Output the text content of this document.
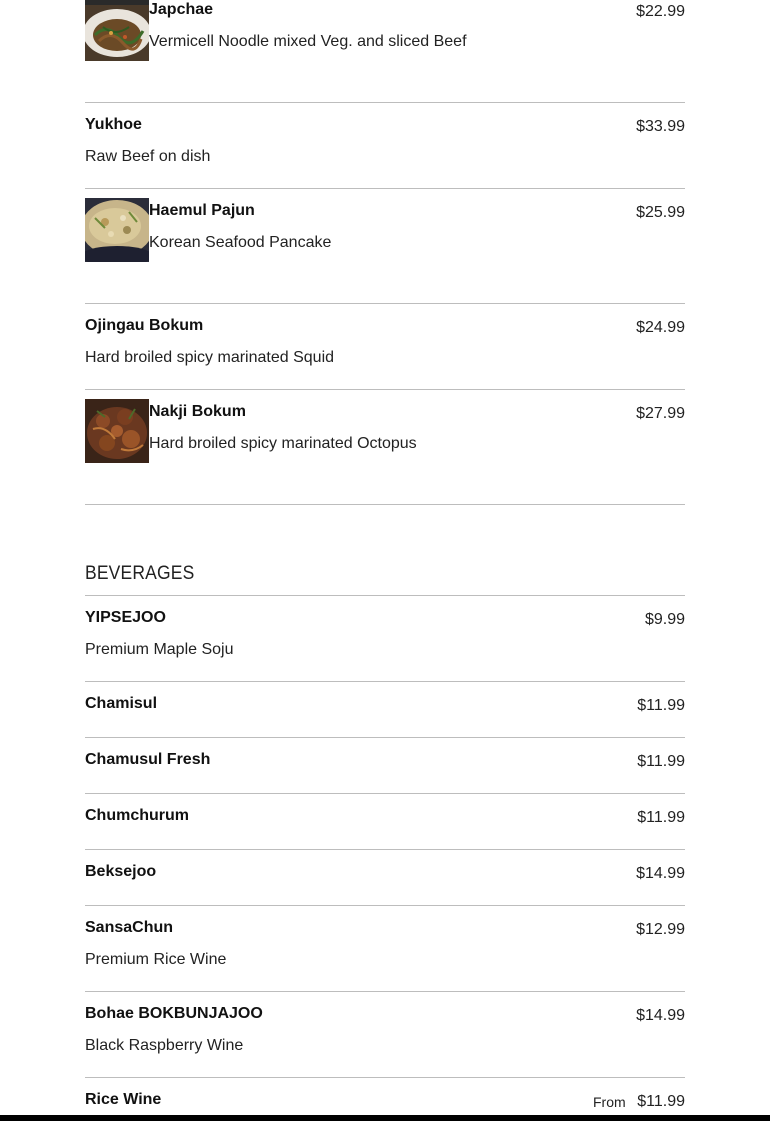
Japchae	$22.99
Vermicell Noodle mixed Veg. and sliced Beef
Yukhoe	$33.99
Raw Beef on dish
Haemul Pajun	$25.99
Korean Seafood Pancake
Ojingau Bokum	$24.99
Hard broiled spicy marinated Squid
Nakji Bokum	$27.99
Hard broiled spicy marinated Octopus
BEVERAGES
YIPSEJOO	$9.99
Premium Maple Soju
Chamisul	$11.99
Chamusul Fresh	$11.99
Chumchurum	$11.99
Beksejoo	$14.99
SansaChun	$12.99
Premium Rice Wine
Bohae BOKBUNJAJOO	$14.99
Black Raspberry Wine
Rice Wine	From $11.99
